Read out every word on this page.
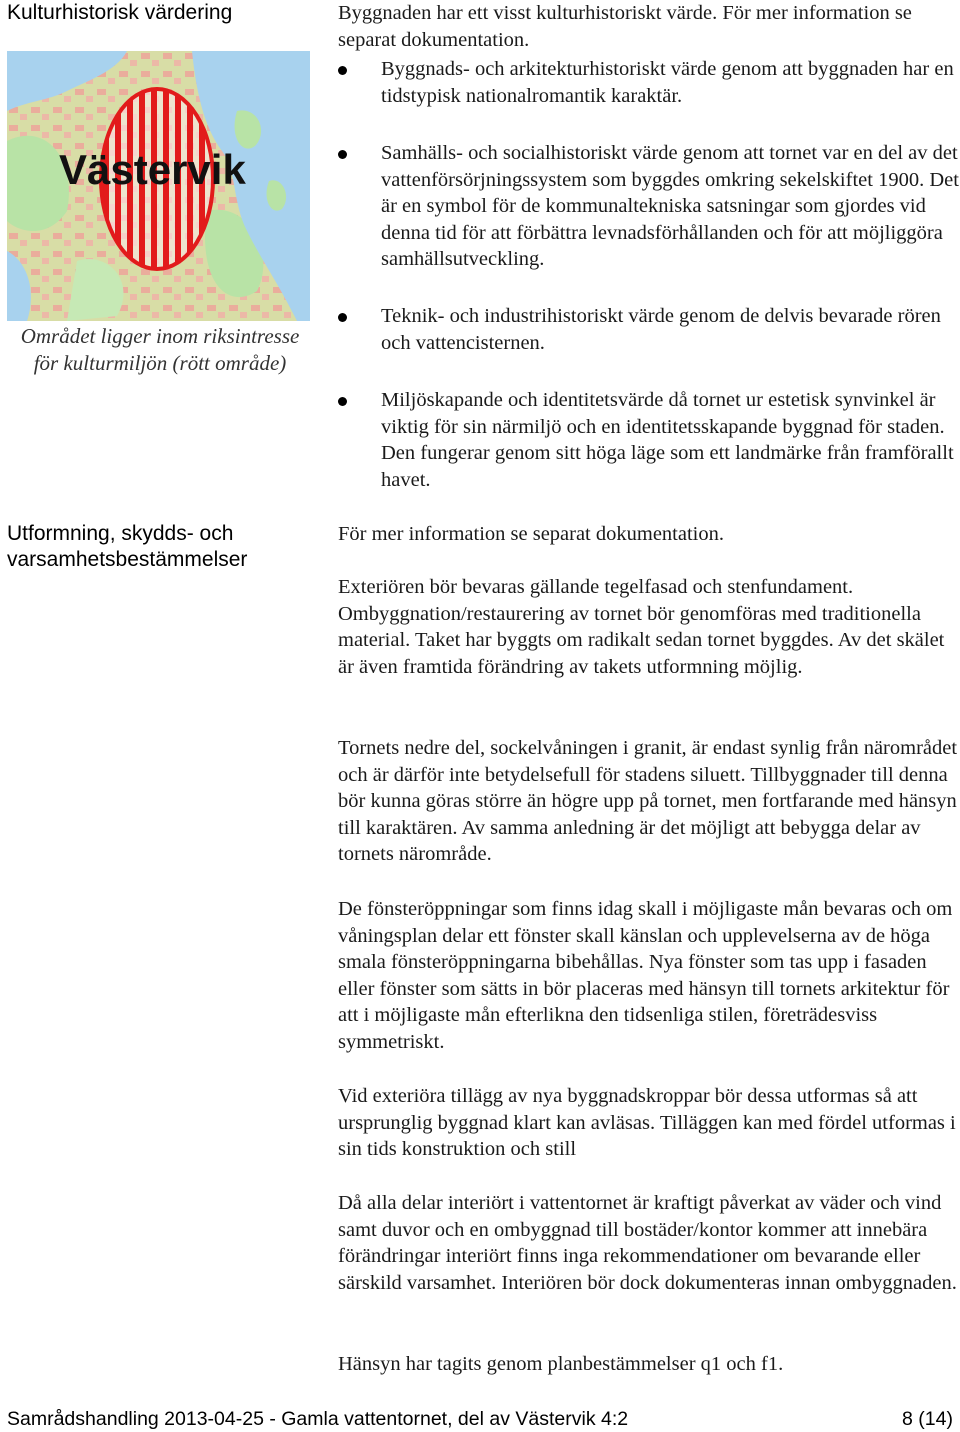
Kulturhistorisk värdering
Västervik
Området ligger inom riksintresse
för kulturmiljön (rött område)
Utformning, skydds- och varsamhetsbestämmelser

Byggnaden har ett visst kulturhistoriskt värde. För mer information se separat dokumentation.

Byggnads- och arkitekturhistoriskt värde genom att byggnaden har en tidstypisk nationalromantik karaktär.
Samhälls- och socialhistoriskt värde genom att tornet var en del av det vattenförsörjningssystem som byggdes omkring sekelskiftet 1900. Det är en symbol för de kommunaltekniska satsningar som gjordes vid denna tid för att förbättra levnadsförhållanden och för att möjliggöra samhällsutveckling.
Teknik- och industrihistoriskt värde genom de delvis bevarade rören och vattencisternen.
Miljöskapande och identitetsvärde då tornet ur estetisk synvinkel är viktig för sin närmiljö och en identitetsskapande byggnad för staden. Den fungerar genom sitt höga läge som ett landmärke från framförallt havet.

För mer information se separat dokumentation.

Exteriören bör bevaras gällande tegelfasad och stenfundament. Ombyggnation/restaurering av tornet bör genomföras med traditionella material. Taket har byggts om radikalt sedan tornet byggdes. Av det skälet är även framtida förändring av takets utformning möjlig.

Tornets nedre del, sockelvåningen i granit, är endast synlig från närområdet och är därför inte betydelsefull för stadens siluett. Tillbyggnader till denna bör kunna göras större än högre upp på tornet, men fortfarande med hänsyn till karaktären. Av samma anledning är det möjligt att bebygga delar av tornets närområde.

De fönsteröppningar som finns idag skall i möjligaste mån bevaras och om våningsplan delar ett fönster skall känslan och upplevelserna av de höga smala fönsteröppningarna bibehållas. Nya fönster som tas upp i fasaden eller fönster som sätts in bör placeras med hänsyn till tornets arkitektur för att i möjligaste mån efterlikna den tidsenliga stilen, företrädesviss symmetriskt.

Vid exteriöra tillägg av nya byggnadskroppar bör dessa utformas så att ursprunglig byggnad klart kan avläsas. Tilläggen kan med fördel utformas i sin tids konstruktion och still

Då alla delar interiört i vattentornet är kraftigt påverkat av väder och vind samt duvor och en ombyggnad till bostäder/kontor kommer att innebära förändringar interiört finns inga rekommendationer om bevarande eller särskild varsamhet. Interiören bör dock dokumenteras innan ombyggnaden.

Hänsyn har tagits genom planbestämmelser q1 och f1.

Samrådshandling 2013-04-25 - Gamla vattentornet, del av Västervik 4:2	8 (14)
